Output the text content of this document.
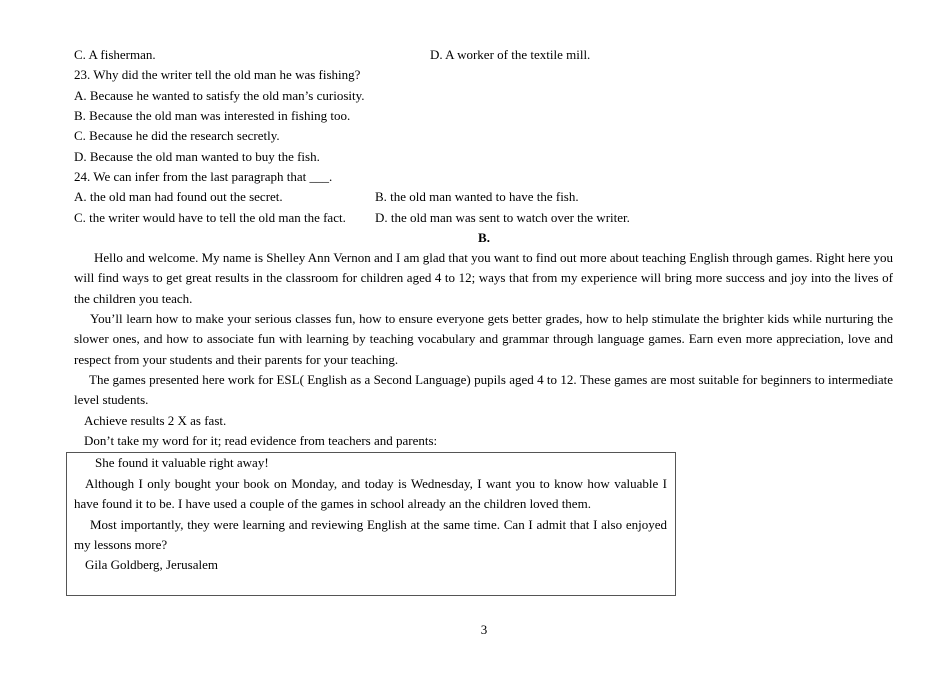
C. A fisherman.	D. A worker of the textile mill.
23. Why did the writer tell the old man he was fishing?
A. Because he wanted to satisfy the old man’s curiosity.
B. Because the old man was interested in fishing too.
C. Because he did the research secretly.
D. Because the old man wanted to buy the fish.
24. We can infer from the last paragraph that ___.
A. the old man had found out the secret.	B. the old man wanted to have the fish.
C. the writer would have to tell the old man the fact. D. the old man was sent to watch over the writer.
B.
Hello and welcome. My name is Shelley Ann Vernon and I am glad that you want to find out more about teaching English through games. Right here you will find ways to get great results in the classroom for children aged 4 to 12; ways that from my experience will bring more success and joy into the lives of the children you teach.
You’ll learn how to make your serious classes fun, how to ensure everyone gets better grades, how to help stimulate the brighter kids while nurturing the slower ones, and how to associate fun with learning by teaching vocabulary and grammar through language games. Earn even more appreciation, love and respect from your students and their parents for your teaching.
The games presented here work for ESL( English as a Second Language) pupils aged 4 to 12. These games are most suitable for beginners to intermediate level students.
Achieve results 2 X as fast.
Don’t take my word for it; read evidence from teachers and parents:
She found it valuable right away!
Although I only bought your book on Monday, and today is Wednesday, I want you to know how valuable I have found it to be. I have used a couple of the games in school already an the children loved them.
Most importantly, they were learning and reviewing English at the same time. Can I admit that I also enjoyed my lessons more?
Gila Goldberg, Jerusalem
3
